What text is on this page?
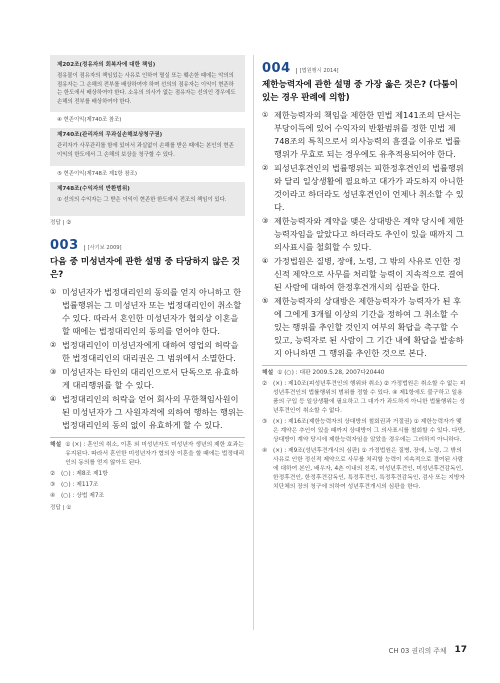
제202조(정유자의 회복자에 대한 책임)
점유물이 점유자의 책임있는 사유로 인하여 멸실 또는 훼손한 때에는 악의의 점유자는 그 손해의 전부를 배상하여야 하며 선의의 점유자는 이익이 현존하는 한도에서 배상하여야 한다. 소유의 의사가 없는 점유자는 선의인 경우에도 손해의 전부를 배상하여야 한다.
④ 현존이익(제740조 참조)
제740조(관리자의 무과실손해보상청구권)
관리자가 사무관리를 함에 있어서 과실없이 손해를 받은 때에는 본인의 현존이익의 한도에서 그 손해의 보상을 청구할 수 있다.
⑤ 현존이익(제748조 제1항 참조)
제748조(수익자의 반환범위)
① 선의의 수익자는 그 받은 이익이 현존한 한도에서 전조의 책임이 있다.
정답 | ②
003	[사기보 2009]
다음 중 미성년자에 관한 설명 중 타당하지 않은 것은?
① 미성년자가 법정대리인의 동의를 얻지 아니하고 한 법률행위는 그 미성년자 또는 법정대리인이 취소할 수 있다. 따라서 혼인한 미성년자가 협의상 이혼을 할 때에는 법정대리인의 동의를 얻어야 한다.
② 법정대리인이 미성년자에게 대하여 영업의 허락을 한 법정대리인의 대리권은 그 범위에서 소멸한다.
③ 미성년자는 타인의 대리인으로서 단독으로 유효하게 대리행위를 할 수 있다.
④ 법정대리인의 허락을 얻어 회사의 무한책임사원이 된 미성년자가 그 사원자격에 의하여 행하는 행위는 법정대리인의 동의 없이 유효하게 할 수 있다.
해설 ① (×) : 혼인의 취소, 이혼 외 미성년자도 미성년자 생년의 제한 효과는 유지된다. 따라서 혼인한 미성년자가 협의상 이혼을 할 때에는 법정대리인의 동의를 얻지 않아도 된다.
② (○) : 제8조 제1항
③ (○) : 제117조
④ (○) : 상법 제7조
정답 | ①
004	[법원행시 2014]
제한능력자에 관한 설명 중 가장 옳은 것은? (다툼이 있는 경우 판례에 의함)
① 제한능력자의 책임을 제한한 민법 제141조의 단서는 부당이득에 있어 수익자의 반환범위를 정한 민법 제748조의 특칙으로서 의사능력의 흠결을 이유로 법률행위가 무효로 되는 경우에도 유추적용되어야 한다.
② 피성년후견인의 법률행위는 피한정후견인의 법률행위와 달리 일상생활에 필요하고 대가가 과도하지 아니한 것이라고 하더라도 성년후견인이 언제나 취소할 수 있다.
③ 제한능력자와 계약을 맺은 상대방은 계약 당시에 제한능력자임을 알았다고 하더라도 추인이 있을 때까지 그 의사표시를 철회할 수 있다.
④ 가정법원은 질병, 장애, 노령, 그 밖의 사유로 인한 정신적 제약으로 사무를 처리할 능력이 지속적으로 결여된 사람에 대하여 한정후견개시의 심판을 한다.
⑤ 제한능력자의 상대방은 제한능력자가 능력자가 된 후에 그에게 3개월 이상의 기간을 정하여 그 취소할 수 있는 행위를 추인할 것인지 여부의 확답을 촉구할 수 있고, 능력자로 된 사람이 그 기간 내에 확답을 발송하지 아니하면 그 행위를 추인한 것으로 본다.
해설 ① (○) : 대판 2009.5.28, 2007다20440
② (×) : 제10조(피성년후견인의 행위와 취소) ② 가정법원은 취소할 수 없는 피성년후견인의 법률행위의 범위를 정할 수 있다. ④ 제1항에도 불구하고 일용품의 구입 등 일상생활에 필요하고 그 대가가 과도하지 아니한 법률행위는 성년후견인이 취소할 수 없다.
③ (×) : 제16조(제한능력자의 상대방의 철회권과 거절권) ① 제한능력자가 맺은 계약은 추인이 있을 때까지 상대방이 그 의사표시를 철회할 수 있다. 다만, 상대방이 계약 당시에 제한능력자임을 알았을 경우에는 그러하지 아니하다.
④ (×) : 제9조(성년후견개시의 심판) ① 가정법원은 질병, 장애, 노령, 그 밖의 사유로 인한 정신적 제약으로 사무를 처리할 능력이 지속적으로 결여된 사람에 대하여 본인, 배우자, 4촌 이내의 친족, 미성년후견인, 미성년후견감독인, 한정후견인, 한정후견감독인, 특정후견인, 특정후견감독인, 검사 또는 지방자치단체의 장의 청구에 의하여 성년후견개시의 심판을 한다.
CH 03 권리의 주체 17
